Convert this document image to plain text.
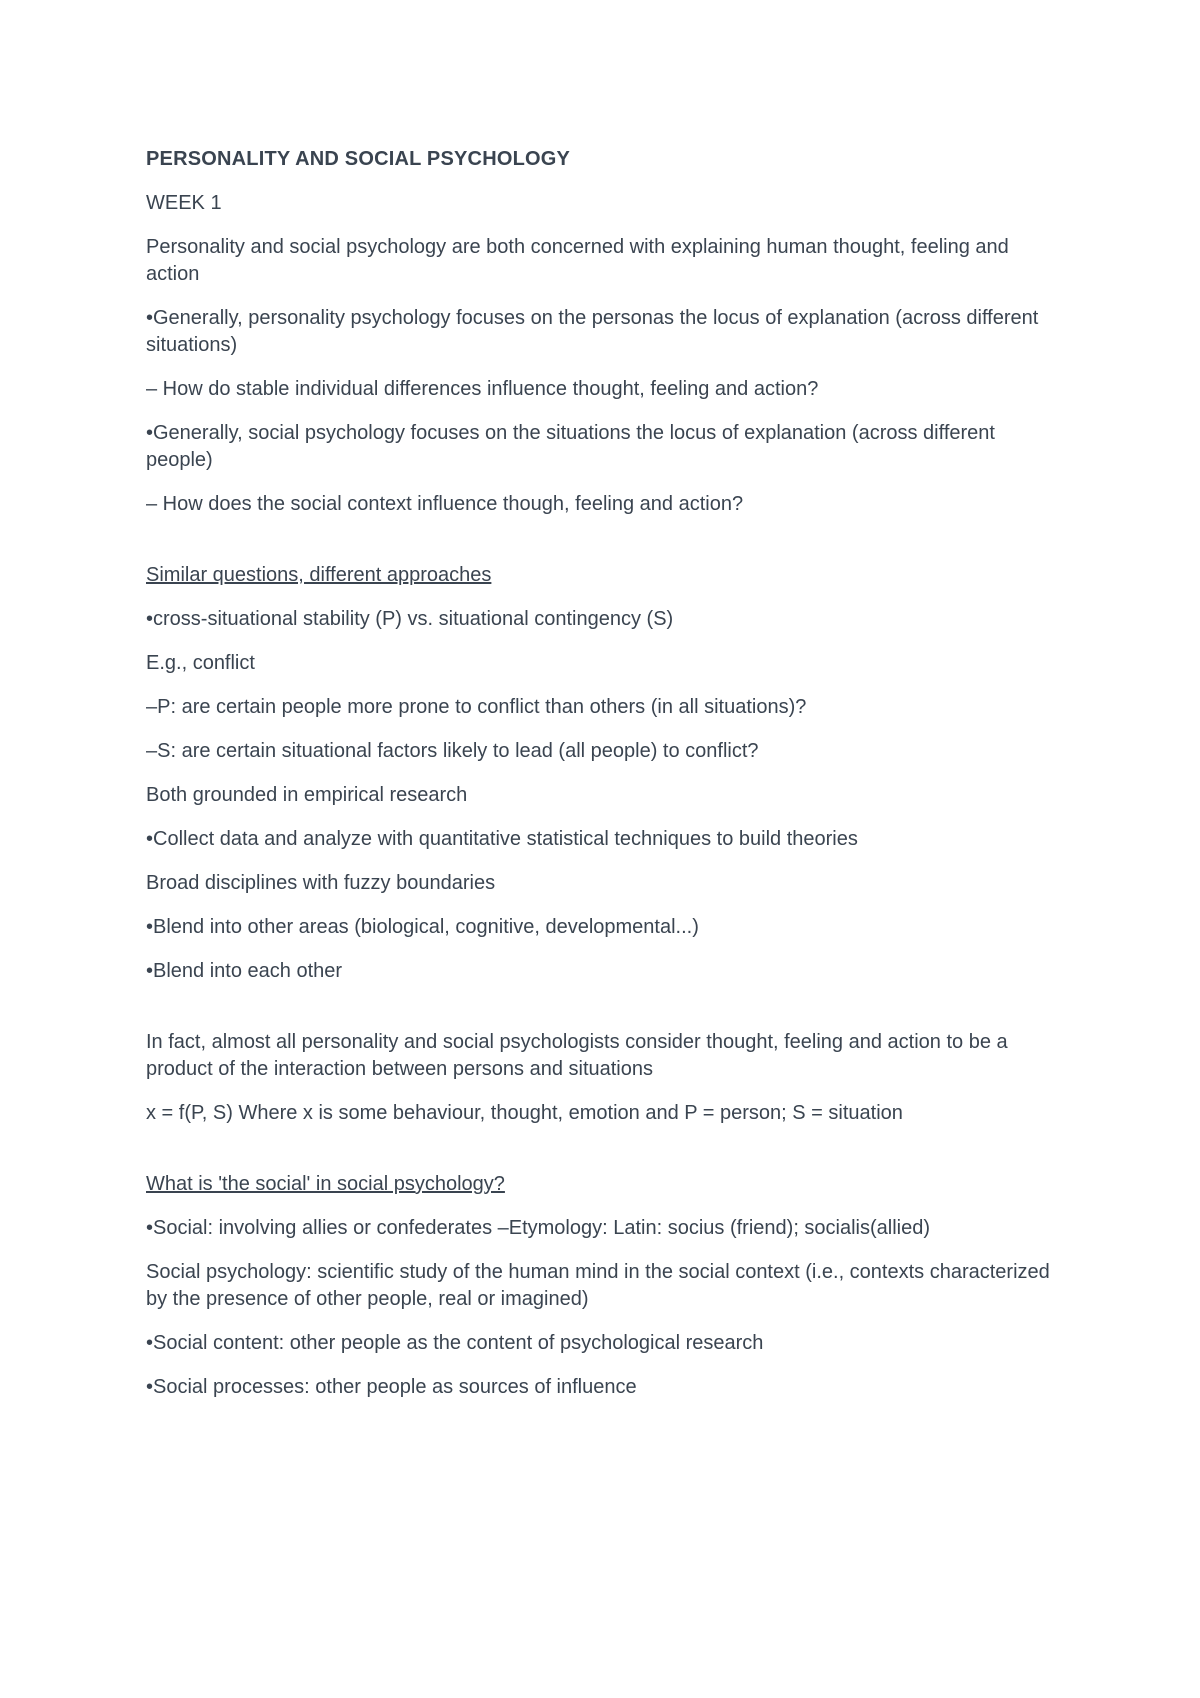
PERSONALITY AND SOCIAL PSYCHOLOGY

WEEK 1

Personality and social psychology are both concerned with explaining human thought, feeling and action

•Generally, personality psychology focuses on the personas the locus of explanation (across different situations)

– How do stable individual differences influence thought, feeling and action?

•Generally, social psychology focuses on the situations the locus of explanation (across different people)

– How does the social context influence though, feeling and action?

Similar questions, different approaches

•cross-situational stability (P) vs. situational contingency (S)

E.g., conflict

–P: are certain people more prone to conflict than others (in all situations)?

–S: are certain situational factors likely to lead (all people) to conflict?

Both grounded in empirical research

•Collect data and analyze with quantitative statistical techniques to build theories

Broad disciplines with fuzzy boundaries

•Blend into other areas (biological, cognitive, developmental...)

•Blend into each other

In fact, almost all personality and social psychologists consider thought, feeling and action to be a product of the interaction between persons and situations

x = f(P, S) Where x is some behaviour, thought, emotion and P = person; S = situation

What is 'the social' in social psychology?

•Social: involving allies or confederates –Etymology: Latin: socius (friend); socialis(allied)

Social psychology: scientific study of the human mind in the social context (i.e., contexts characterized by the presence of other people, real or imagined)

•Social content: other people as the content of psychological research

•Social processes: other people as sources of influence
